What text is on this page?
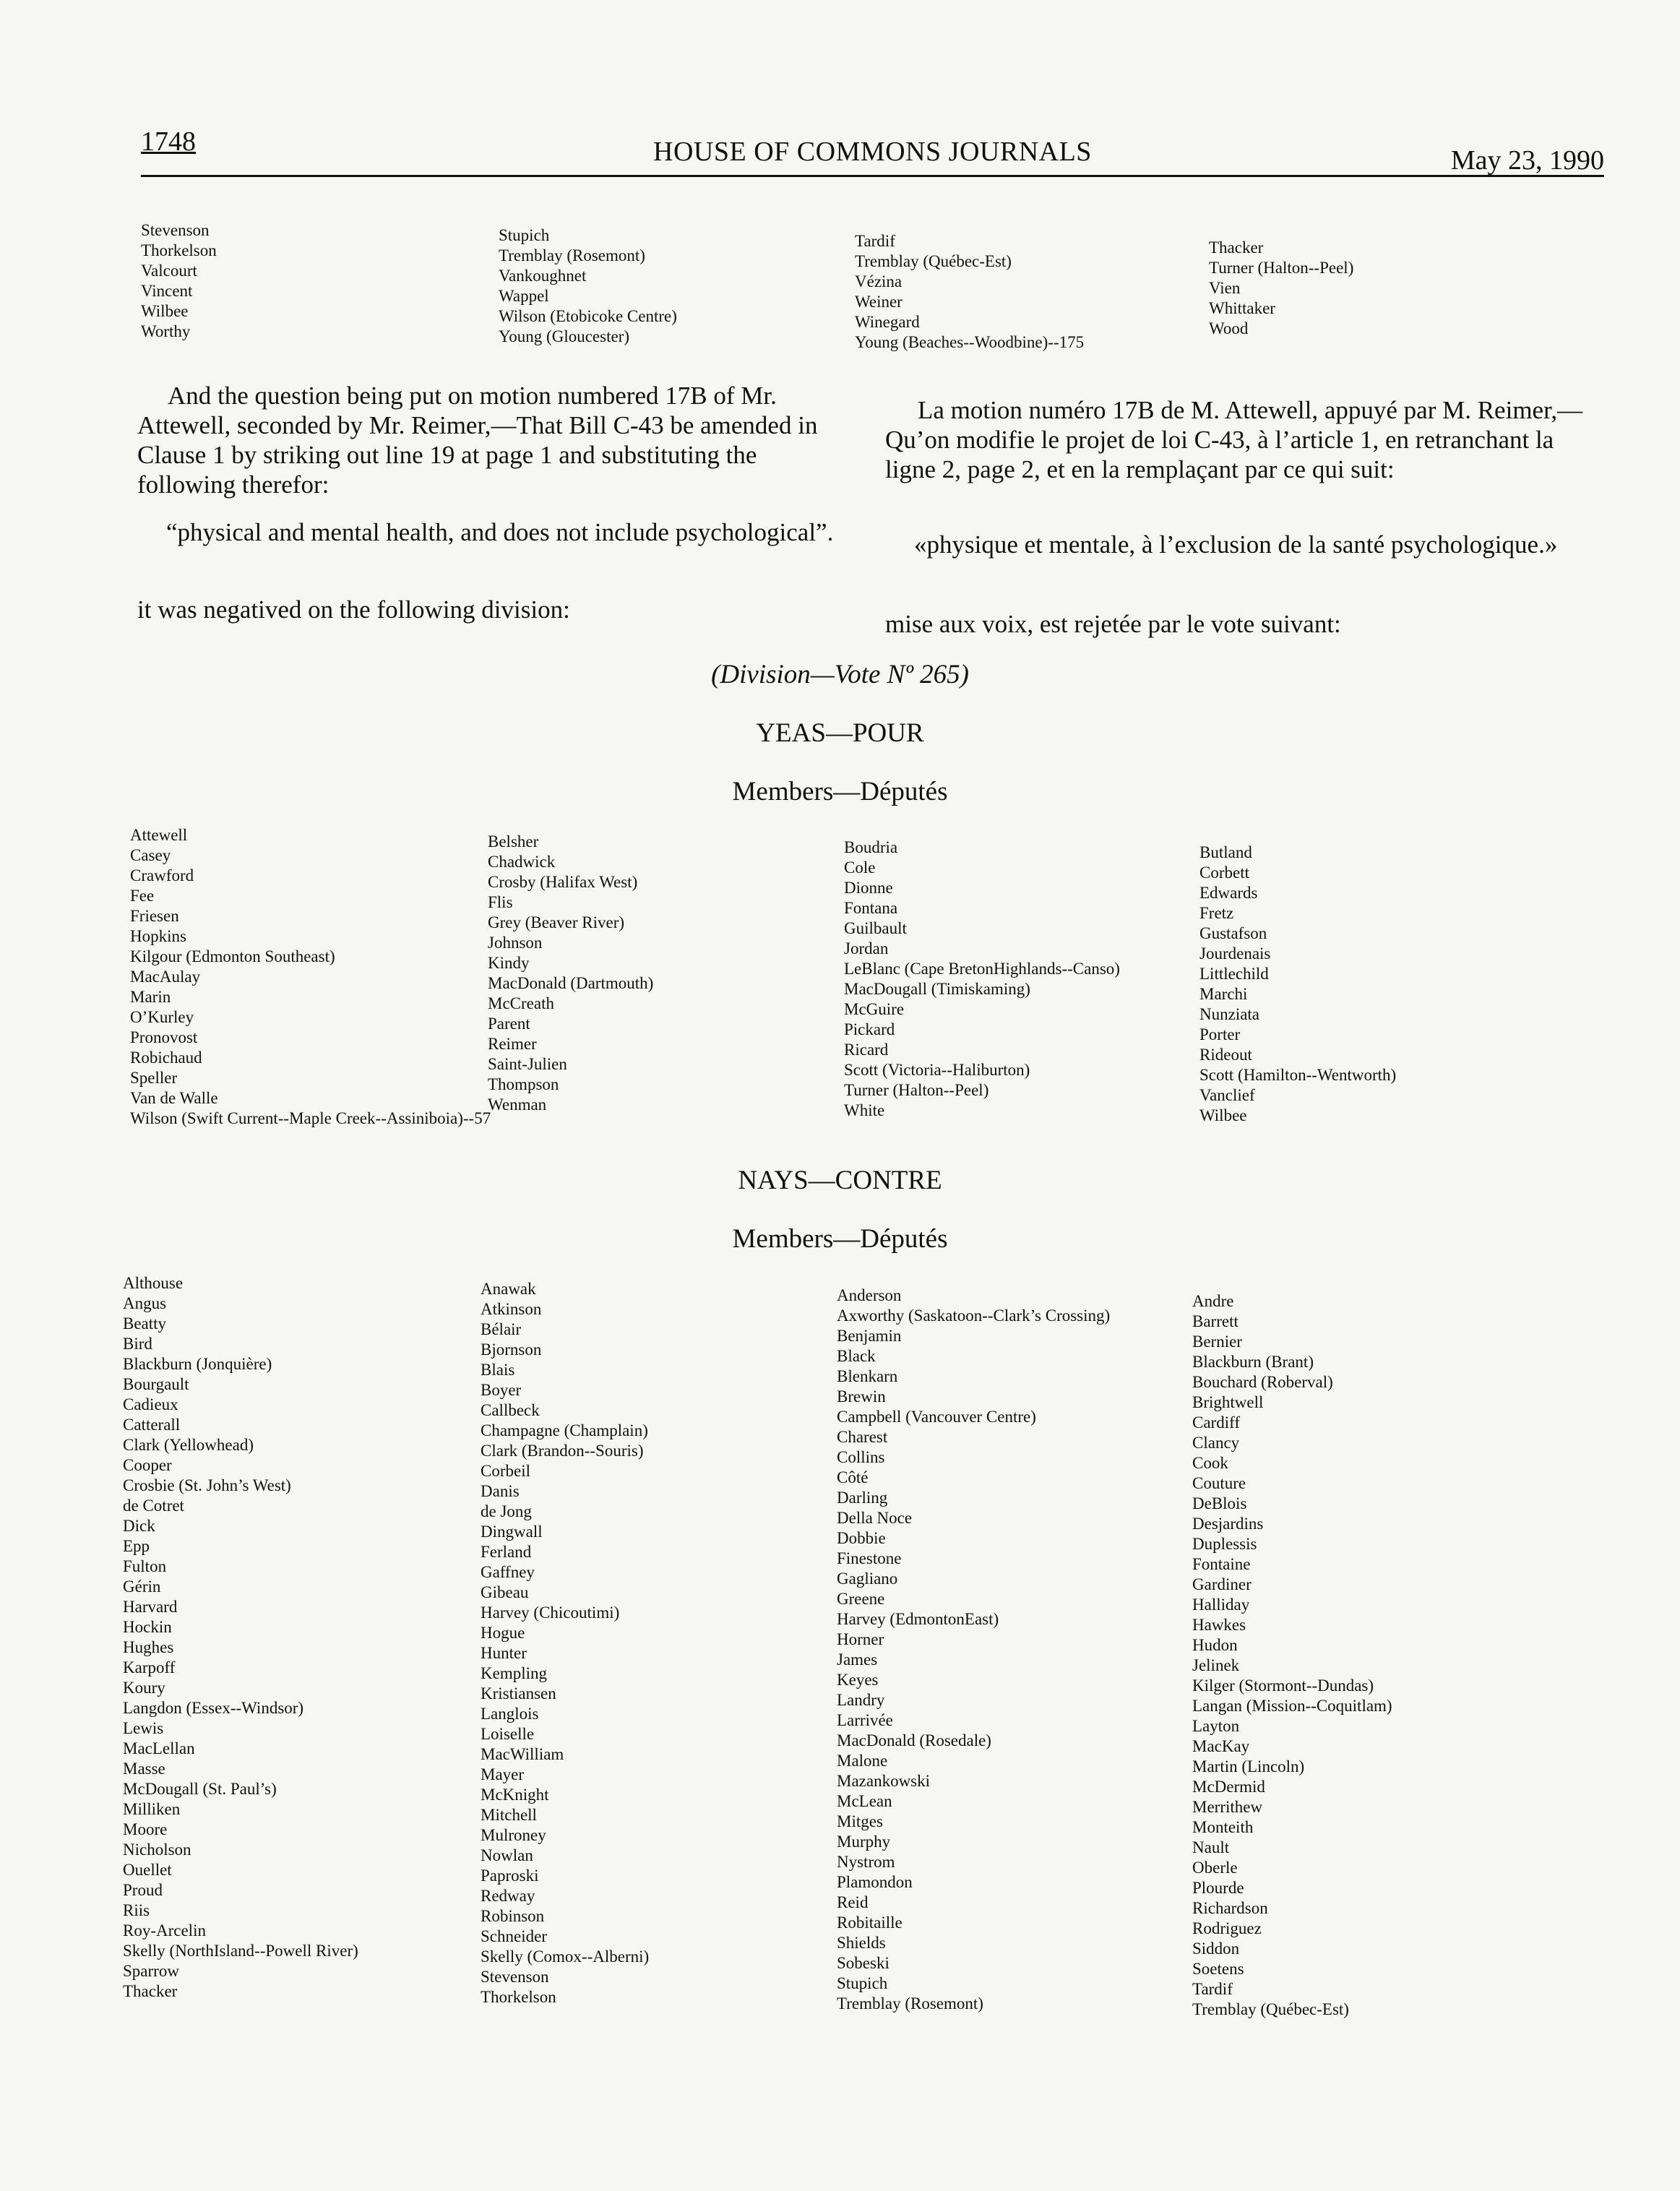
1748	HOUSE OF COMMONS JOURNALS	May 23, 1990
Stevenson
Thorkelson
Valcourt
Vincent
Wilbee
Worthy
Stupich
Tremblay (Rosemont)
Vankoughnet
Wappel
Wilson (Etobicoke Centre)
Young (Gloucester)
Tardif
Tremblay (Québec-Est)
Vézina
Weiner
Winegard
Young (Beaches--Woodbine)--175
Thacker
Turner (Halton--Peel)
Vien
Whittaker
Wood
And the question being put on motion numbered 17B of Mr. Attewell, seconded by Mr. Reimer,—That Bill C-43 be amended in Clause 1 by striking out line 19 at page 1 and substituting the following therefor:
“physical and mental health, and does not include psychological”.
it was negatived on the following division:
La motion numéro 17B de M. Attewell, appuyé par M. Reimer,—Qu’on modifie le projet de loi C-43, à l’article 1, en retranchant la ligne 2, page 2, et en la remplaçant par ce qui suit:
«physique et mentale, à l’exclusion de la santé psychologique.»
mise aux voix, est rejetée par le vote suivant:
(Division—Vote Nº 265)
YEAS—POUR
Members—Députés
Attewell
Casey
Crawford
Fee
Friesen
Hopkins
Kilgour (Edmonton Southeast)
MacAulay
Marin
O’Kurley
Pronovost
Robichaud
Speller
Van de Walle
Wilson (Swift Current--Maple Creek--Assiniboia)--57
Belsher
Chadwick
Crosby (Halifax West)
Flis
Grey (Beaver River)
Johnson
Kindy
MacDonald (Dartmouth)
McCreath
Parent
Reimer
Saint-Julien
Thompson
Wenman
Boudria
Cole
Dionne
Fontana
Guilbault
Jordan
LeBlanc (Cape BretonHighlands--Canso)
MacDougall (Timiskaming)
McGuire
Pickard
Ricard
Scott (Victoria--Haliburton)
Turner (Halton--Peel)
White
Butland
Corbett
Edwards
Fretz
Gustafson
Jourdenais
Littlechild
Marchi
Nunziata
Porter
Rideout
Scott (Hamilton--Wentworth)
Vanclief
Wilbee
NAYS—CONTRE
Members—Députés
Althouse
Angus
Beatty
Bird
Blackburn (Jonquière)
Bourgault
Cadieux
Catterall
Clark (Yellowhead)
Cooper
Crosbie (St. John’s West)
de Cotret
Dick
Epp
Fulton
Gérin
Harvard
Hockin
Hughes
Karpoff
Koury
Langdon (Essex--Windsor)
Lewis
MacLellan
Masse
McDougall (St. Paul’s)
Milliken
Moore
Nicholson
Ouellet
Proud
Riis
Roy-Arcelin
Skelly (NorthIsland--Powell River)
Sparrow
Thacker
Anawak
Atkinson
Bélair
Bjornson
Blais
Boyer
Callbeck
Champagne (Champlain)
Clark (Brandon--Souris)
Corbeil
Danis
de Jong
Dingwall
Ferland
Gaffney
Gibeau
Harvey (Chicoutimi)
Hogue
Hunter
Kempling
Kristiansen
Langlois
Loiselle
MacWilliam
Mayer
McKnight
Mitchell
Mulroney
Nowlan
Paproski
Redway
Robinson
Schneider
Skelly (Comox--Alberni)
Stevenson
Thorkelson
Anderson
Axworthy (Saskatoon--Clark’s Crossing)
Benjamin
Black
Blenkarn
Brewin
Campbell (Vancouver Centre)
Charest
Collins
Côté
Darling
Della Noce
Dobbie
Finestone
Gagliano
Greene
Harvey (EdmontonEast)
Horner
James
Keyes
Landry
Larrivée
MacDonald (Rosedale)
Malone
Mazankowski
McLean
Mitges
Murphy
Nystrom
Plamondon
Reid
Robitaille
Shields
Sobeski
Stupich
Tremblay (Rosemont)
Andre
Barrett
Bernier
Blackburn (Brant)
Bouchard (Roberval)
Brightwell
Cardiff
Clancy
Cook
Couture
DeBlois
Desjardins
Duplessis
Fontaine
Gardiner
Halliday
Hawkes
Hudon
Jelinek
Kilger (Stormont--Dundas)
Langan (Mission--Coquitlam)
Layton
MacKay
Martin (Lincoln)
McDermid
Merrithew
Monteith
Nault
Oberle
Plourde
Richardson
Rodriguez
Siddon
Soetens
Tardif
Tremblay (Québec-Est)
